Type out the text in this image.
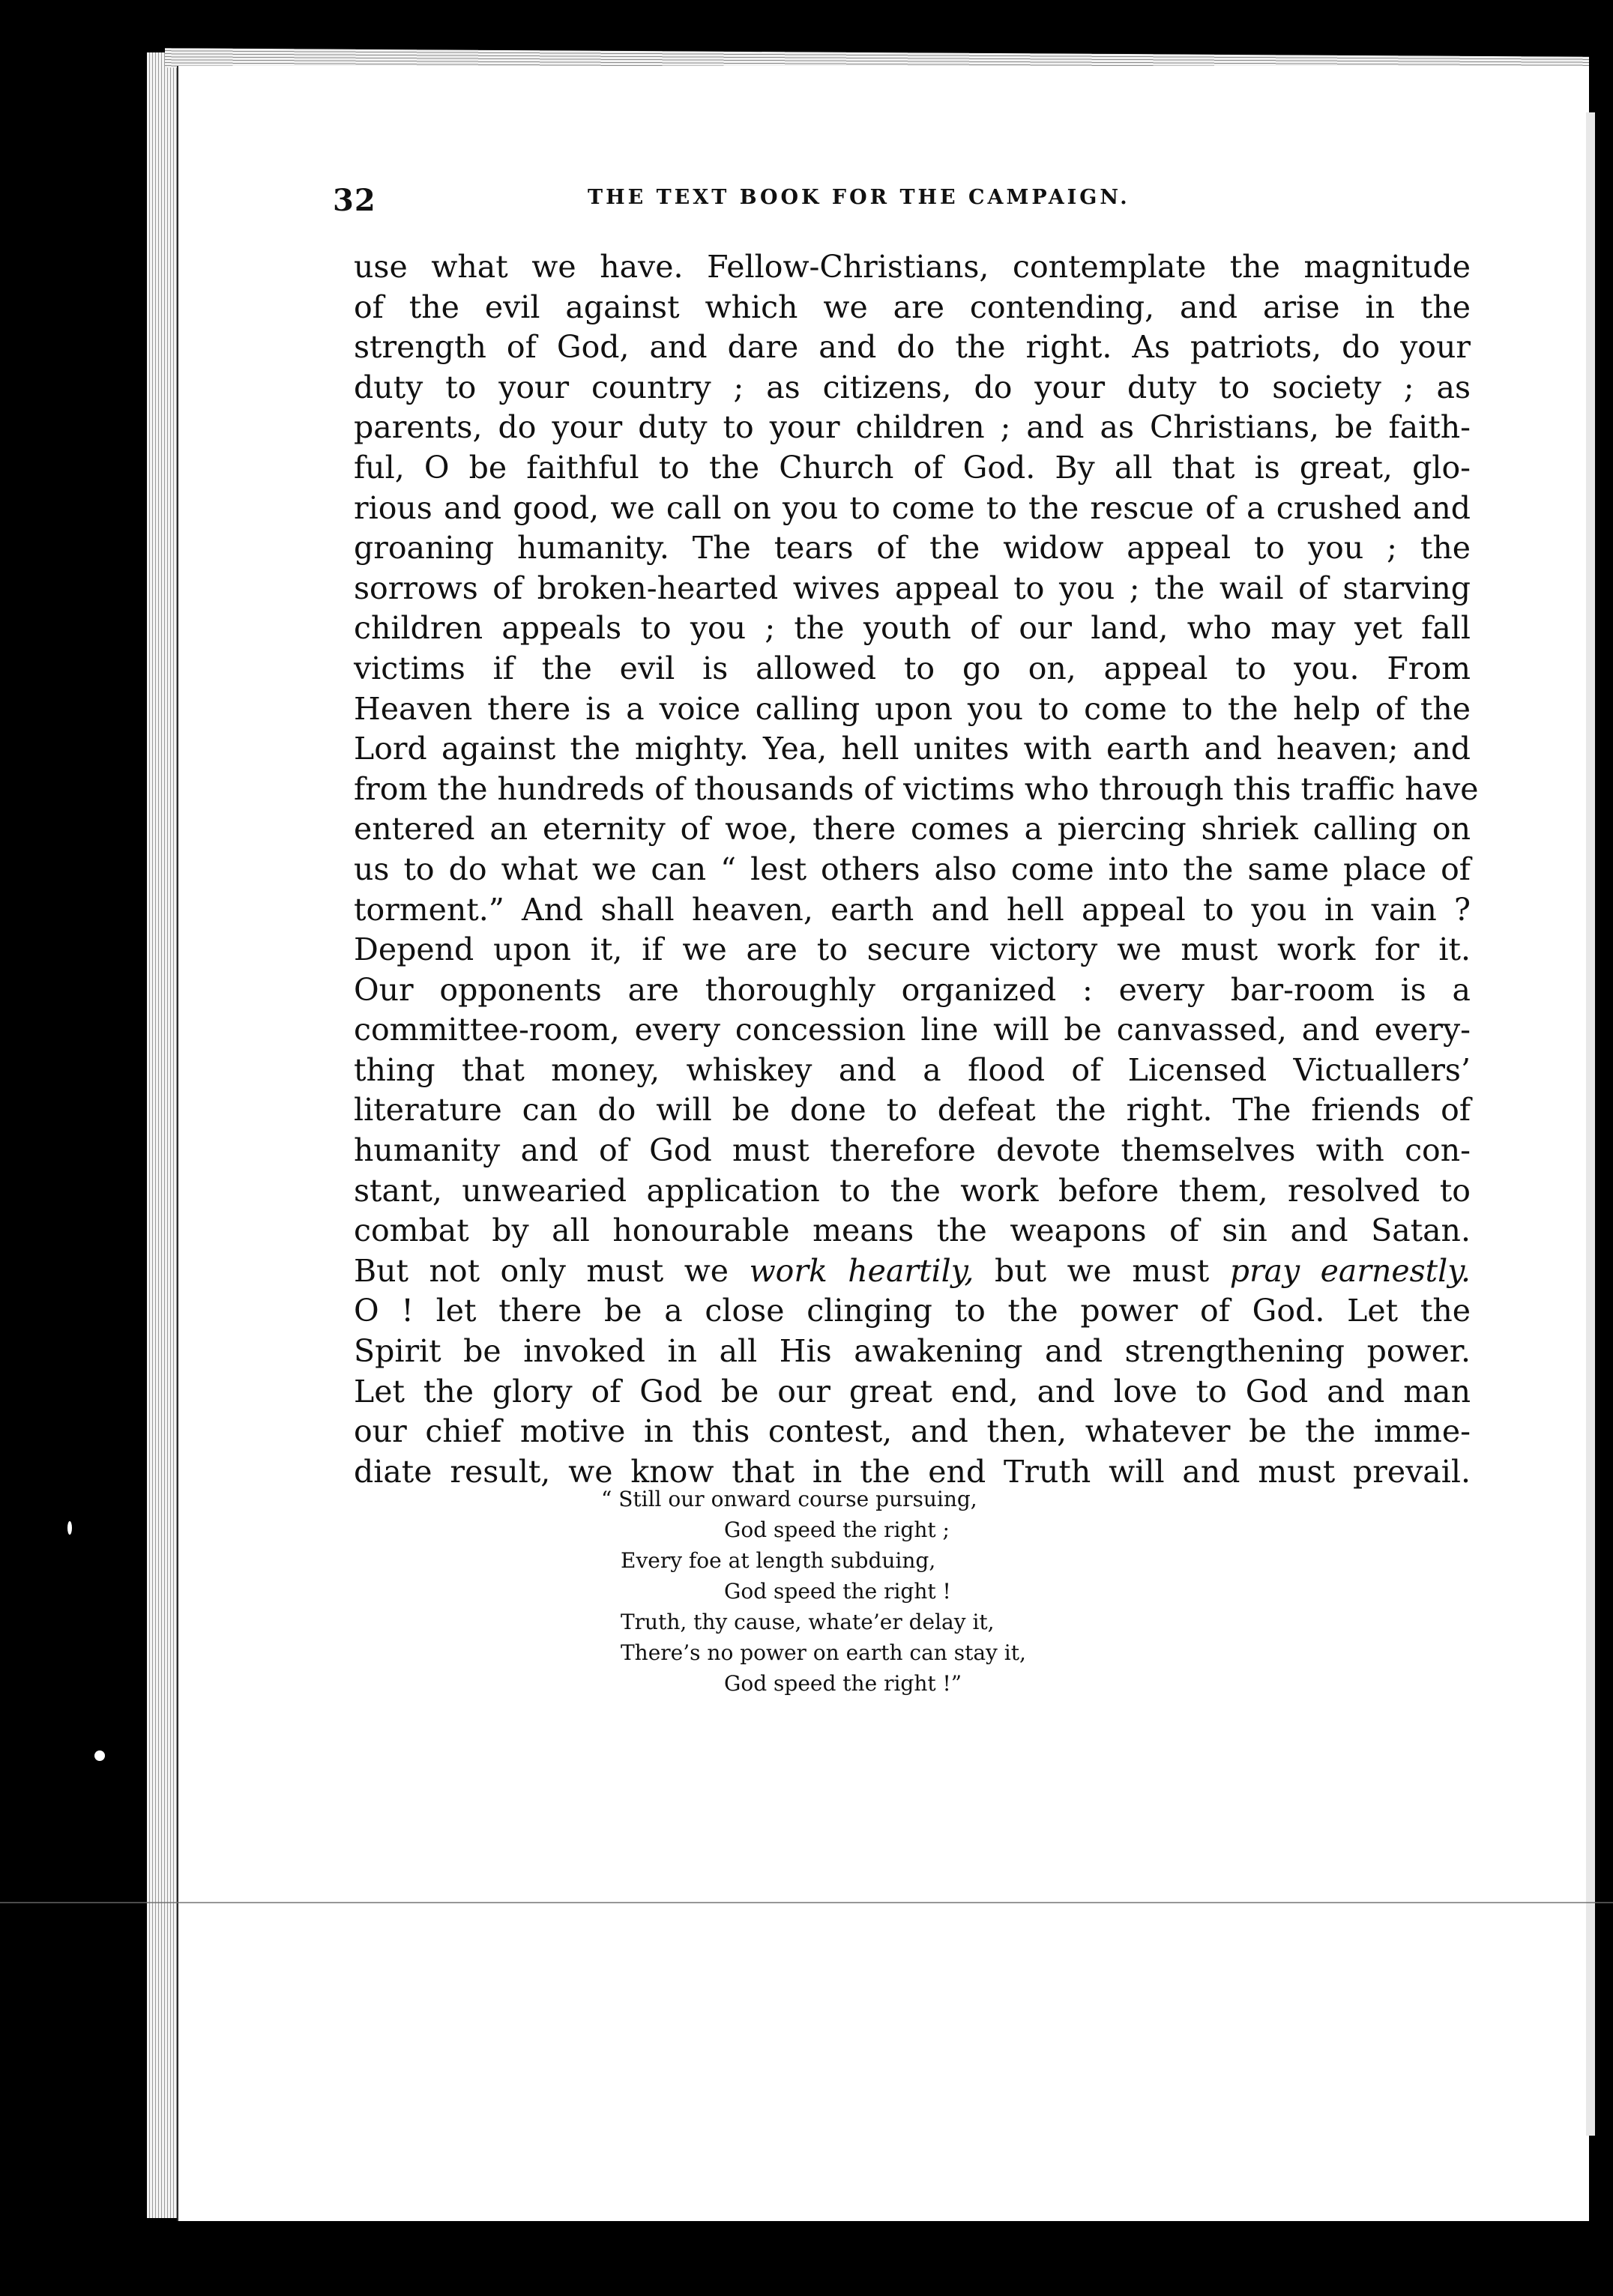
32	THE TEXT BOOK FOR THE CAMPAIGN.
use what we have. Fellow-Christians, contemplate the magnitude
of the evil against which we are contending, and arise in the
strength of God, and dare and do the right. As patriots, do your
duty to your country ; as citizens, do your duty to society ; as
parents, do your duty to your children ; and as Christians, be faith-
ful, O be faithful to the Church of God. By all that is great, glo-
rious and good, we call on you to come to the rescue of a crushed and
groaning humanity. The tears of the widow appeal to you ; the
sorrows of broken-hearted wives appeal to you ; the wail of starving
children appeals to you ; the youth of our land, who may yet fall
victims if the evil is allowed to go on, appeal to you. From
Heaven there is a voice calling upon you to come to the help of the
Lord against the mighty. Yea, hell unites with earth and heaven; and
from the hundreds of thousands of victims who through this traffic have
entered an eternity of woe, there comes a piercing shriek calling on
us to do what we can “ lest others also come into the same place of
torment.” And shall heaven, earth and hell appeal to you in vain ?
Depend upon it, if we are to secure victory we must work for it.
Our opponents are thoroughly organized : every bar-room is a
committee-room, every concession line will be canvassed, and every-
thing that money, whiskey and a flood of Licensed Victuallers’
literature can do will be done to defeat the right. The friends of
humanity and of God must therefore devote themselves with con-
stant, unwearied application to the work before them, resolved to
combat by all honourable means the weapons of sin and Satan.
But not only must we work heartily, but we must pray earnestly.
O ! let there be a close clinging to the power of God. Let the
Spirit be invoked in all His awakening and strengthening power.
Let the glory of God be our great end, and love to God and man
our chief motive in this contest, and then, whatever be the imme-
diate result, we know that in the end Truth will and must prevail.
“ Still our onward course pursuing,
God speed the right ;
Every foe at length subduing,
God speed the right !
Truth, thy cause, whate’er delay it,
There’s no power on earth can stay it,
God speed the right !”
